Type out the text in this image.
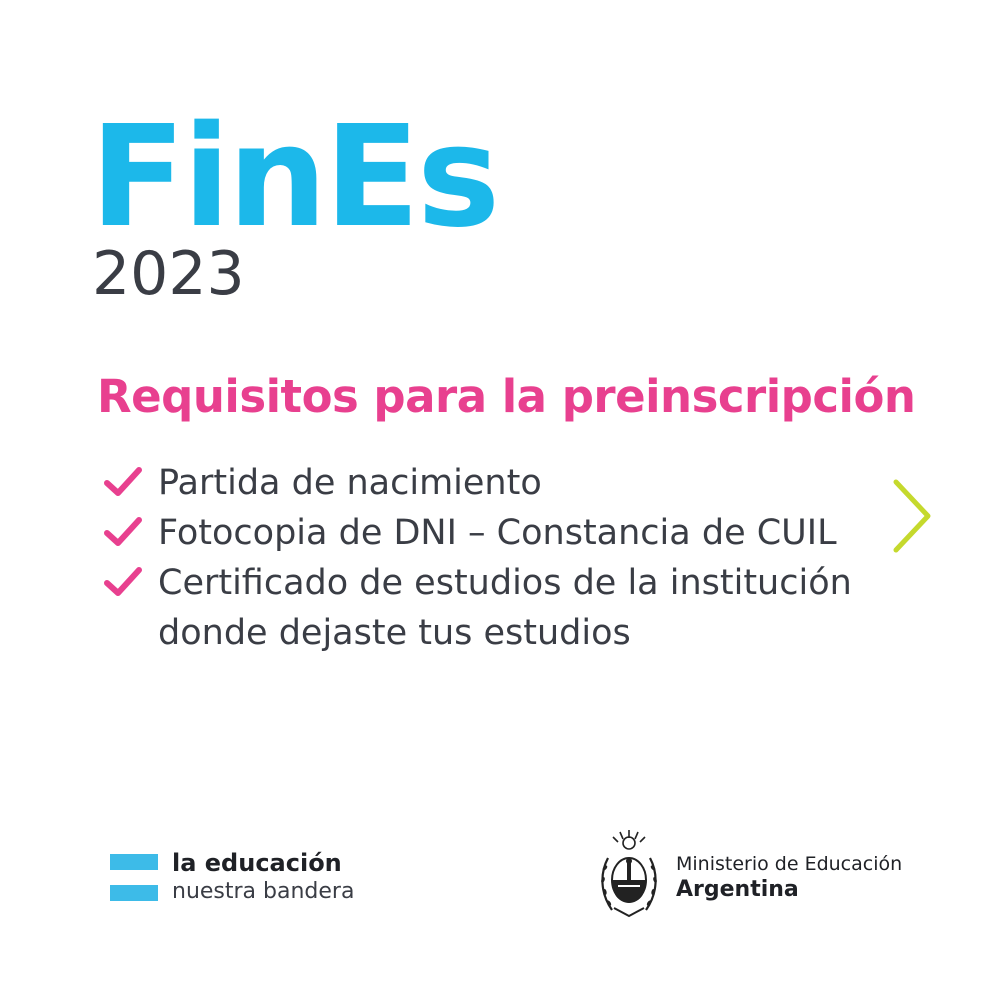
FinEs
2023
Requisitos para la preinscripción
Partida de nacimiento
Fotocopia de DNI – Constancia de CUIL
Certificado de estudios de la institución donde dejaste tus estudios
la educación
nuestra bandera
Ministerio de Educación
Argentina
